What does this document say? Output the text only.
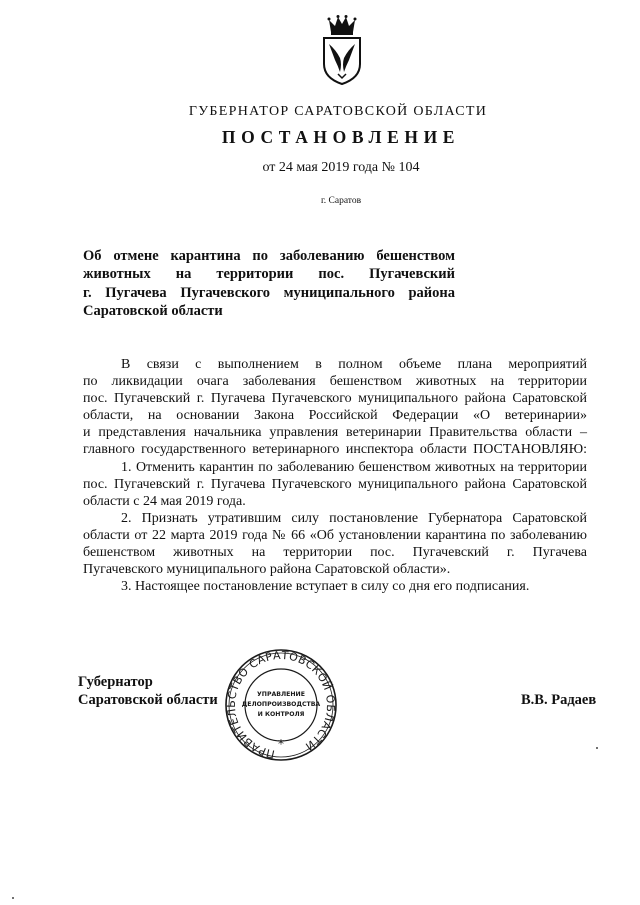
ГУБЕРНАТОР САРАТОВСКОЙ ОБЛАСТИ
ПОСТАНОВЛЕНИЕ
от 24 мая 2019 года № 104
г. Саратов
Об отмене карантина по заболеванию бешенством
животных на территории пос. Пугачевский
г. Пугачева Пугачевского муниципального района
Саратовской области
В связи с выполнением в полном объеме плана мероприятий
по ликвидации очага заболевания бешенством животных на территории
пос. Пугачевский г. Пугачева Пугачевского муниципального района Саратовской
области, на основании Закона Российской Федерации «О ветеринарии»
и представления начальника управления ветеринарии Правительства области –
главного государственного ветеринарного инспектора области ПОСТАНОВЛЯЮ:
1. Отменить карантин по заболеванию бешенством животных на территории
пос. Пугачевский г. Пугачева Пугачевского муниципального района Саратовской
области с 24 мая 2019 года.
2. Признать утратившим силу постановление Губернатора Саратовской
области от 22 марта 2019 года № 66 «Об установлении карантина по заболеванию
бешенством животных на территории пос. Пугачевский г. Пугачева
Пугачевского муниципального района Саратовской области».
3. Настоящее постановление вступает в силу со дня его подписания.
Губернатор
Саратовской области	В.В. Радаев
ПРАВИТЕЛЬСТВО САРАТОВСКОЙ ОБЛАСТИ
УПРАВЛЕНИЕ
ДЕЛОПРОИЗВОДСТВА
И КОНТРОЛЯ
*
